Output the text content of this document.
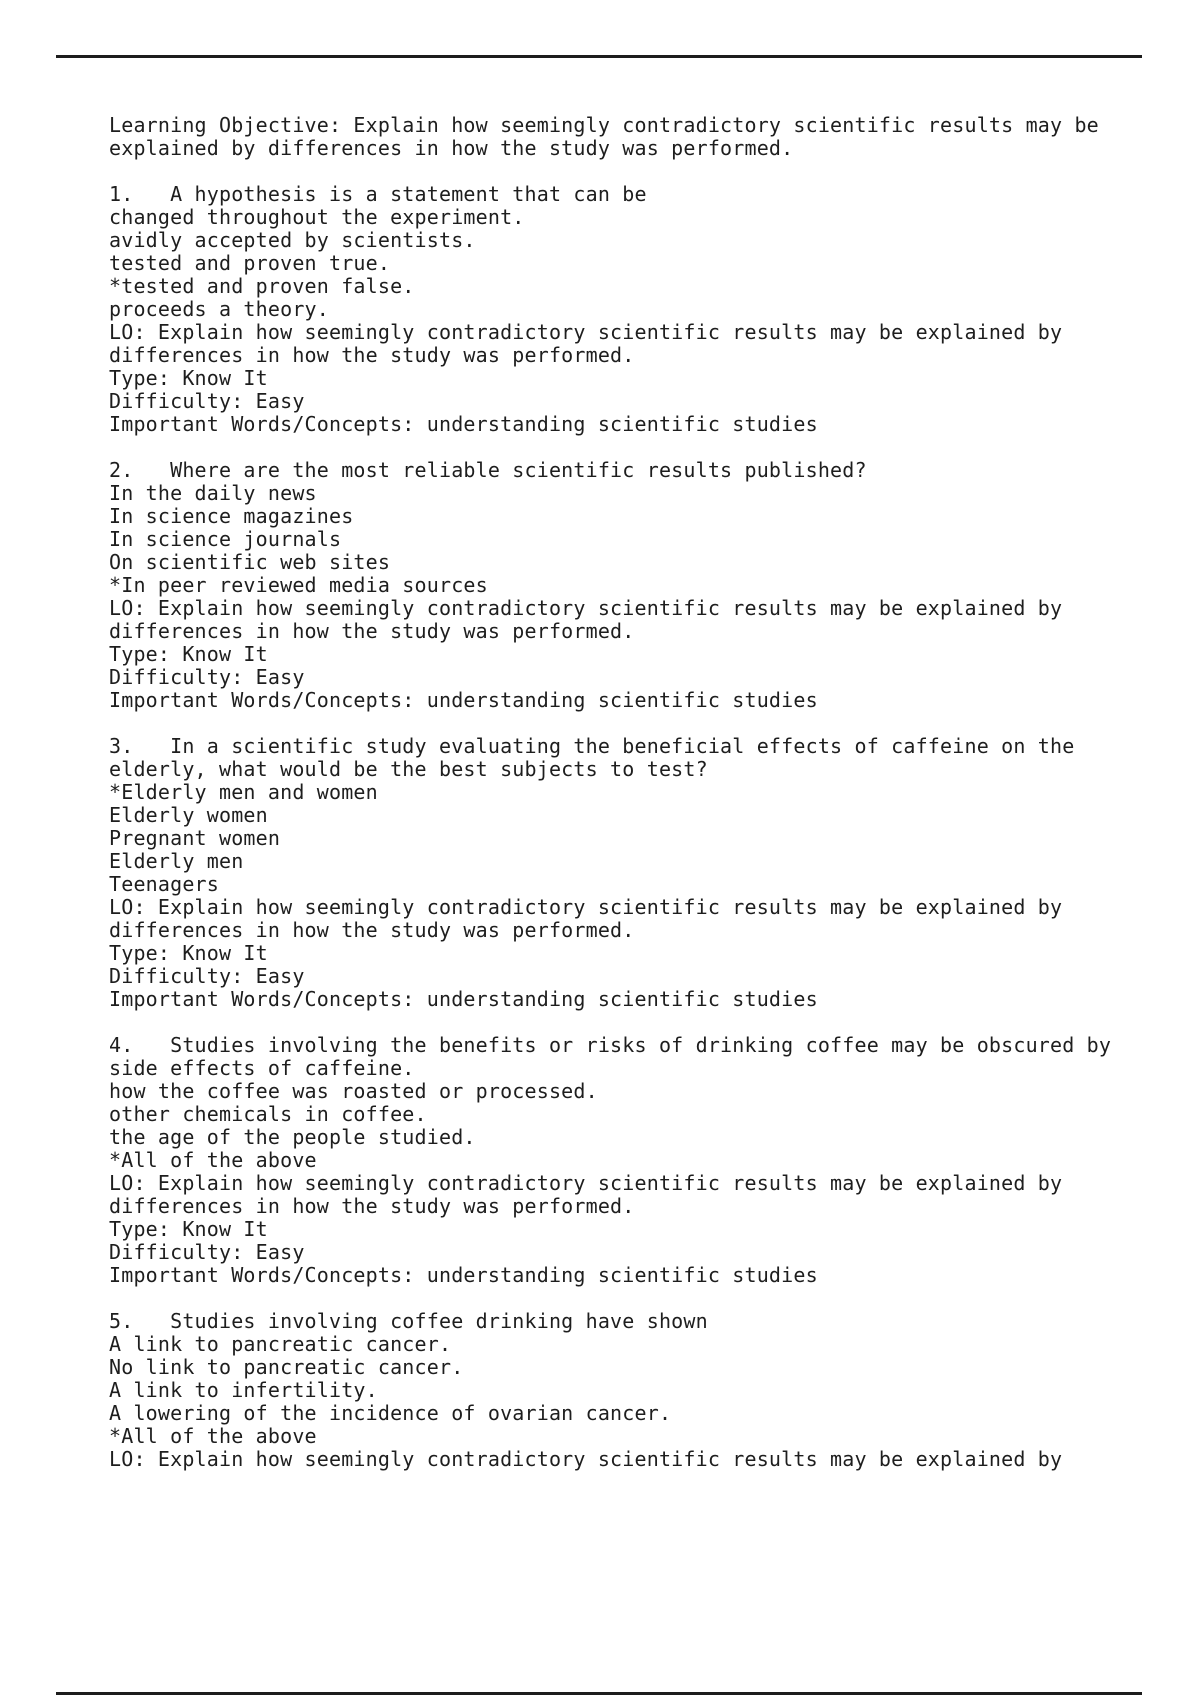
Learning Objective: Explain how seemingly contradictory scientific results may be
explained by differences in how the study was performed.

1.   A hypothesis is a statement that can be
changed throughout the experiment.
avidly accepted by scientists.
tested and proven true.
*tested and proven false.
proceeds a theory.
LO: Explain how seemingly contradictory scientific results may be explained by
differences in how the study was performed.
Type: Know It
Difficulty: Easy
Important Words/Concepts: understanding scientific studies

2.   Where are the most reliable scientific results published?
In the daily news
In science magazines
In science journals
On scientific web sites
*In peer reviewed media sources
LO: Explain how seemingly contradictory scientific results may be explained by
differences in how the study was performed.
Type: Know It
Difficulty: Easy
Important Words/Concepts: understanding scientific studies

3.   In a scientific study evaluating the beneficial effects of caffeine on the
elderly, what would be the best subjects to test?
*Elderly men and women
Elderly women
Pregnant women
Elderly men
Teenagers
LO: Explain how seemingly contradictory scientific results may be explained by
differences in how the study was performed.
Type: Know It
Difficulty: Easy
Important Words/Concepts: understanding scientific studies

4.   Studies involving the benefits or risks of drinking coffee may be obscured by
side effects of caffeine.
how the coffee was roasted or processed.
other chemicals in coffee.
the age of the people studied.
*All of the above
LO: Explain how seemingly contradictory scientific results may be explained by
differences in how the study was performed.
Type: Know It
Difficulty: Easy
Important Words/Concepts: understanding scientific studies

5.   Studies involving coffee drinking have shown
A link to pancreatic cancer.
No link to pancreatic cancer.
A link to infertility.
A lowering of the incidence of ovarian cancer.
*All of the above
LO: Explain how seemingly contradictory scientific results may be explained by
